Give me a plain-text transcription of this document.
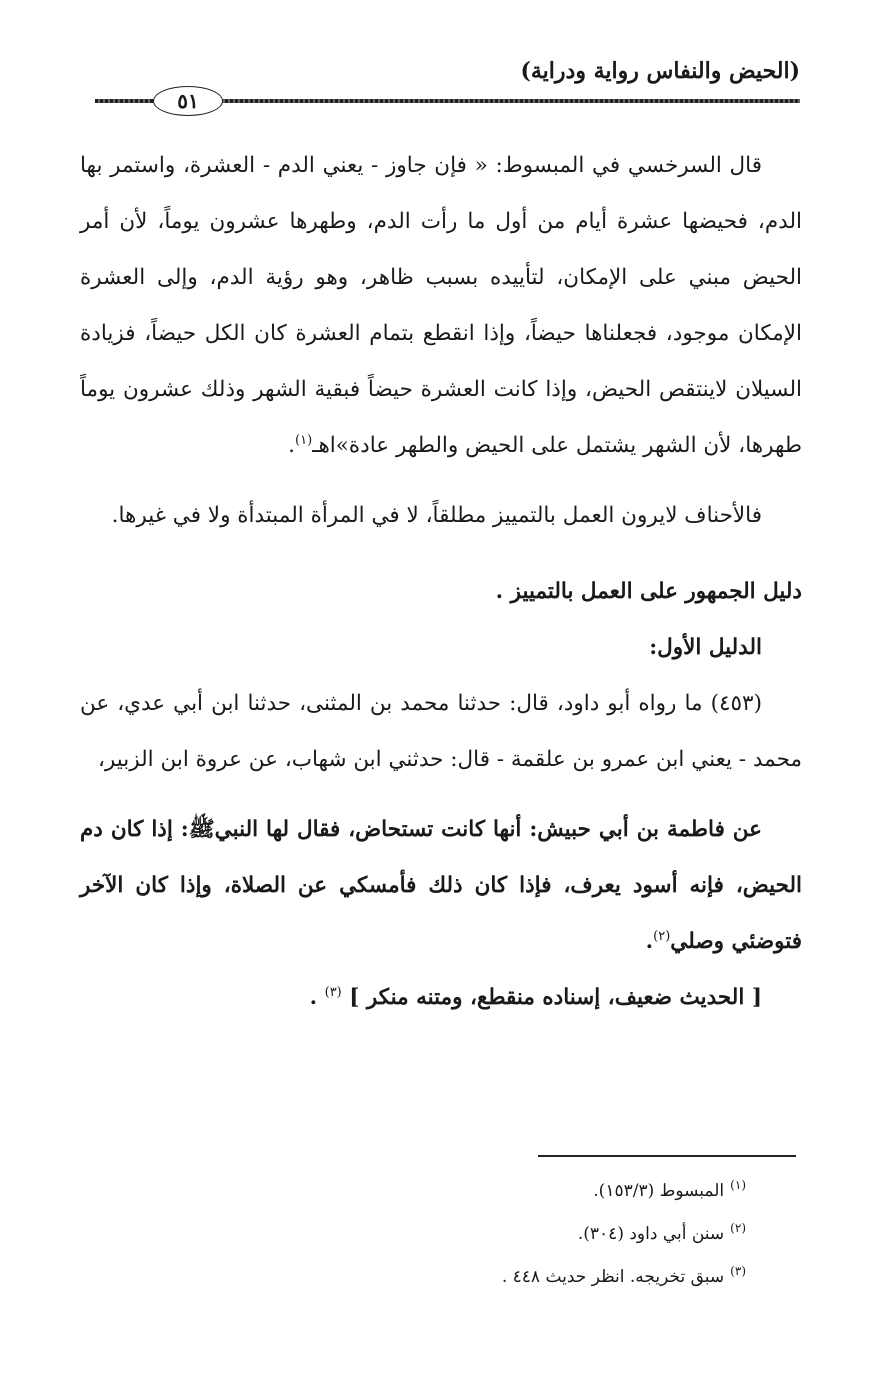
(الحيض والنفاس رواية ودراية)
٥١

قال السرخسي في المبسوط: « فإن جاوز - يعني الدم - العشرة، واستمر بها الدم، فحيضها عشرة أيام من أول ما رأت الدم، وطهرها عشرون يوماً، لأن أمر الحيض مبني على الإمكان، لتأييده بسبب ظاهر، وهو رؤية الدم، وإلى العشرة الإمكان موجود، فجعلناها حيضاً، وإذا انقطع بتمام العشرة كان الكل حيضاً، فزيادة السيلان لاينتقص الحيض، وإذا كانت العشرة حيضاً فبقية الشهر وذلك عشرون يوماً طهرها، لأن الشهر يشتمل على الحيض والطهر عادة»اهـ$^{(١)}$.

فالأحناف لايرون العمل بالتمييز مطلقاً، لا في المرأة المبتدأة ولا في غيرها.

دليل الجمهور على العمل بالتمييز .

الدليل الأول:

(٤٥٣) ما رواه أبو داود، قال: حدثنا محمد بن المثنى، حدثنا ابن أبي عدي، عن محمد - يعني ابن عمرو بن علقمة - قال: حدثني ابن شهاب، عن عروة ابن الزبير،

عن فاطمة بن أبي حبيش: أنها كانت تستحاض، فقال لها النبيﷺ: إذا كان دم الحيض، فإنه أسود يعرف، فإذا كان ذلك فأمسكي عن الصلاة، وإذا كان الآخر فتوضئي وصلي$^{(٢)}$.

[ الحديث ضعيف، إسناده منقطع، ومتنه منكر ] $^{(٣)}$ .

$^{(١)}$المبسوط (١٥٣/٣).

$^{(٢)}$سنن أبي داود (٣٠٤).

$^{(٣)}$سبق تخريجه. انظر حديث ٤٤٨ .
